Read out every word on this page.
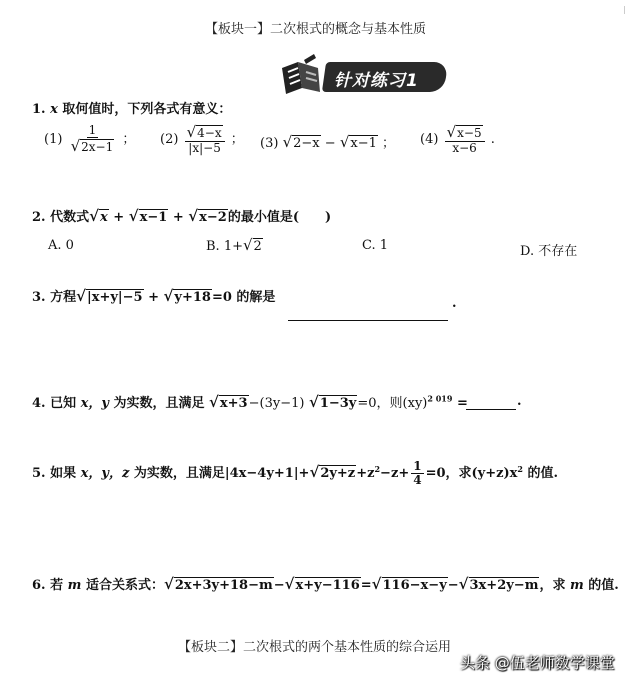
【板块一】二次根式的概念与基本性质
针对练习1
1. x 取何值时，下列各式有意义：
$(1) \frac{1}{√2x-1}$ ； $(2) \frac{√4-x}{|x|-5}$ ； (3) √2−x − √x−1 ； $(4) \frac{√x-5}{x-6}$ .
2. 代数式√x + √x−1 + √x−2的最小值是(　　)
A. 0	B. 1+√2	C. 1	D. 不存在
3. 方程√|x+y|−5 + √y+18=0 的解是	.
4. 已知 x，y 为实数，且满足 √x+3−(3y−1) √1−3y=0，则(xy)$^{2 019}$ =	.
5. 如果 x，y，z 为实数，且满足$|4x-4y+1|+√2y+z+z^2-z+ \frac{1}{4} =0$，求$(y+z)x^2$ 的值.
6. 若 m 适合关系式：√2x+3y+18−m−√x+y−116=√116−x−y−√3x+2y−m，求 m 的值.
【板块二】二次根式的两个基本性质的综合运用
头条 @伍老师数学课堂
